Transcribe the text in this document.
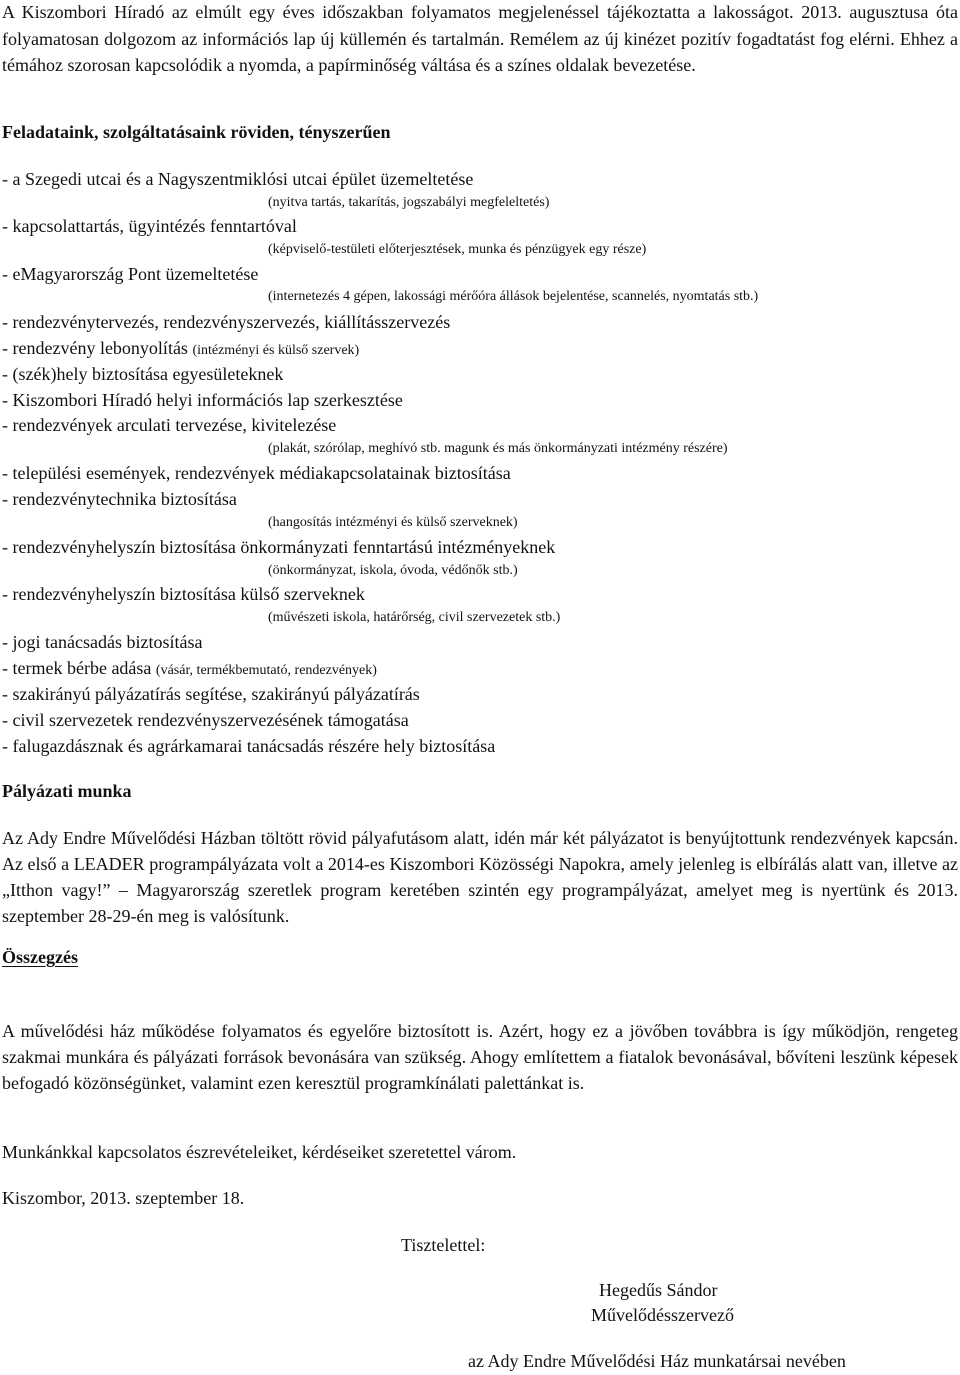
A Kiszombori Híradó az elmúlt egy éves időszakban folyamatos megjelenéssel tájékoztatta a lakosságot. 2013. augusztusa óta folyamatosan dolgozom az információs lap új küllemén és tartalmán. Remélem az új kinézet pozitív fogadtatást fog elérni. Ehhez a témához szorosan kapcsolódik a nyomda, a papírminőség váltása és a színes oldalak bevezetése.

Feladataink, szolgáltatásaink röviden, tényszerűen

- a Szegedi utcai és a Nagyszentmiklósi utcai épület üzemeltetése

(nyitva tartás, takarítás, jogszabályi megfeleltetés)

- kapcsolattartás, ügyintézés fenntartóval

(képviselő-testületi előterjesztések, munka és pénzügyek egy része)

- eMagyarország Pont üzemeltetése

(internetezés 4 gépen, lakossági mérőóra állások bejelentése, scannelés, nyomtatás stb.)

- rendezvénytervezés, rendezvényszervezés, kiállításszervezés

- rendezvény lebonyolítás (intézményi és külső szervek)

- (szék)hely biztosítása egyesületeknek

- Kiszombori Híradó helyi információs lap szerkesztése

- rendezvények arculati tervezése, kivitelezése

(plakát, szórólap, meghívó stb. magunk és más önkormányzati intézmény részére)

- települési események, rendezvények médiakapcsolatainak biztosítása

- rendezvénytechnika biztosítása

(hangosítás intézményi és külső szerveknek)

- rendezvényhelyszín biztosítása önkormányzati fenntartású intézményeknek

(önkormányzat, iskola, óvoda, védőnők stb.)

- rendezvényhelyszín biztosítása külső szerveknek

(művészeti iskola, határőrség, civil szervezetek stb.)

- jogi tanácsadás biztosítása

- termek bérbe adása (vásár, termékbemutató, rendezvények)

- szakirányú pályázatírás segítése, szakirányú pályázatírás

- civil szervezetek rendezvényszervezésének támogatása

- falugazdásznak és agrárkamarai tanácsadás részére hely biztosítása

Pályázati munka

Az Ady Endre Művelődési Házban töltött rövid pályafutásom alatt, idén már két pályázatot is benyújtottunk rendezvények kapcsán. Az első a LEADER programpályázata volt a 2014-es Kiszombori Közösségi Napokra, amely jelenleg is elbírálás alatt van, illetve az „Itthon vagy!” – Magyarország szeretlek program keretében szintén egy programpályázat, amelyet meg is nyertünk és 2013. szeptember 28-29-én meg is valósítunk.

Összegzés

A művelődési ház működése folyamatos és egyelőre biztosított is. Azért, hogy ez a jövőben továbbra is így működjön, rengeteg szakmai munkára és pályázati források bevonására van szükség. Ahogy említettem a fiatalok bevonásával, bővíteni leszünk képesek befogadó közönségünket, valamint ezen keresztül programkínálati palettánkat is.

Munkánkkal kapcsolatos észrevételeiket, kérdéseiket szeretettel várom.

Kiszombor, 2013. szeptember 18.

Tisztelettel:

Hegedűs Sándor

Művelődésszervező

az Ady Endre Művelődési Ház munkatársai nevében
